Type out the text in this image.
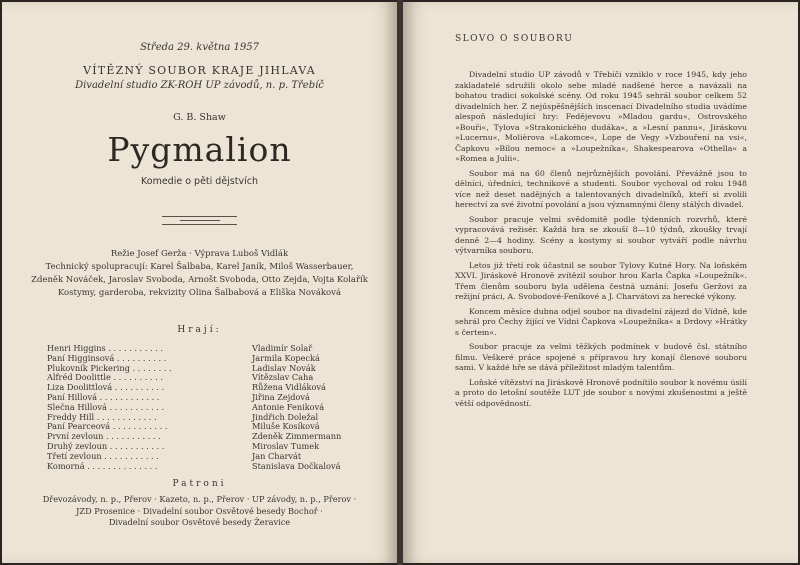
Středa 29. května 1957
VÍTĚZNÝ SOUBOR KRAJE JIHLAVA
Divadelní studio ZK-ROH UP závodů, n. p. Třebíč
G. B. Shaw
Pygmalion
Komedie o pěti dějstvích
Režie Josef Gerža · Výprava Luboš Vidlák
Technický spolupracují: Karel Šalbaba, Karel Janík, Miloš Wasserbauer,
Zdeněk Nováček, Jaroslav Svoboda, Arnošt Svoboda, Otto Zejda, Vojta Kolařík
Kostymy, garderoba, rekvizity Olina Šalbabová a Eliška Nováková
Hrají:
Henri Higgins . . . . . . . . . . .	Vladimír Solař
Paní Higginsová . . . . . . . . . .	Jarmila Kopecká
Plukovník Pickering . . . . . . . .	Ladislav Novák
Alfréd Doolittle . . . . . . . . . .	Vítězslav Caha
Liza Doolittlová . . . . . . . . . .	Růžena Vidláková
Paní Hillová . . . . . . . . . . . .	Jiřina Zejdová
Slečna Hillová . . . . . . . . . . .	Antonie Feniková
Freddy Hill . . . . . . . . . . . .	Jindřich Doležal
Paní Pearceová . . . . . . . . . . .	Miluše Kosíková
První zevloun . . . . . . . . . . .	Zdeněk Zimmermann
Druhý zevloun . . . . . . . . . . .	Miroslav Tumek
Třetí zevloun . . . . . . . . . . .	Jan Charvát
Komorná . . . . . . . . . . . . . .	Stanislava Dočkalová
Patroni
Dřevozávody, n. p., Přerov · Kazeto, n. p., Přerov · UP závody, n. p., Přerov ·
JZD Prosenice · Divadelní soubor Osvětové besedy Bochoř ·
Divadelní soubor Osvětové besedy Žeravice
SLOVO O SOUBORU

Divadelní studio UP závodů v Třebíči vzniklo v roce 1945, kdy jeho zakladatelé sdružili okolo sebe mladé nadšené herce a navázali na bohatou tradici sokolské scény. Od roku 1945 sehrál soubor celkem 52 divadelních her. Z nejúspěšnějších inscenací Divadelního studia uvádíme alespoň následující hry: Fedějevovu »Mladou gardu«, Ostrovského »Bouři«, Tylova »Strakonického dudáka«, a »Lesní pannu«, Jiráskovu »Lucernu«, Molièrova »Lakomce«, Lope de Vegy »Vzbouření na vsi«, Čapkovu »Bílou nemoc« a »Loupežníka«, Shakespearova »Othella« a »Romea a Julii«.

Soubor má na 60 členů nejrůznějších povolání. Převážně jsou to dělníci, úředníci, technikové a studenti. Soubor vychoval od roku 1948 více než deset nadějných a talentovaných divadelníků, kteří si zvolili herectví za své životní povolání a jsou významnými členy stálých divadel.

Soubor pracuje velmi svědomitě podle týdenních rozvrhů, které vypracovává režisér. Každá hra se zkouší 8—10 týdnů, zkoušky trvají denně 2—4 hodiny. Scény a kostymy si soubor vytváří podle návrhu výtvarníka souboru.

Letos již třetí rok účastnil se soubor Tylovy Kutné Hory. Na loňském XXVI. Jiráskově Hronově zvítězil soubor hrou Karla Čapka »Loupežník«. Třem členům souboru byla udělena čestná uznání: Josefu Geržovi za režijní práci, A. Svobodové-Feníkové a J. Charvátovi za herecké výkony.

Koncem měsíce dubna odjel soubor na divadelní zájezd do Vídně, kde sehrál pro Čechy žijící ve Vídni Čapkova »Loupežníka« a Drdovy »Hrátky s čertem«.

Soubor pracuje za velmi těžkých podmínek v budově čsl. státního filmu. Veškeré práce spojené s přípravou hry konají členové souboru sami. V každé hře se dává příležitost mladým talentům.

Loňské vítězství na Jiráskově Hronově podnítilo soubor k novému úsilí a proto do letošní soutěže LUT jde soubor s novými zkušenostmi a ještě větší odpovědností.
